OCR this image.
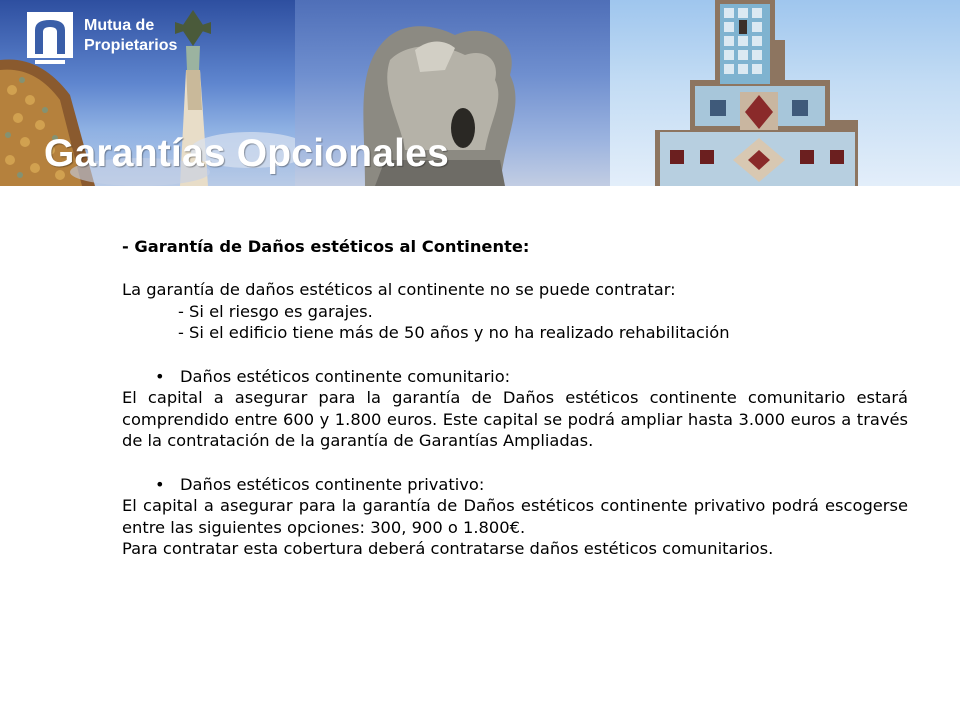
Mutua de
Propietarios
Garantías Opcionales

- Garantía de Daños estéticos al Continente:

La garantía de daños estéticos al continente no se puede contratar:

- Si el riesgo es garajes.

- Si el edificio tiene más de 50 años y no ha realizado rehabilitación

• Daños estéticos continente comunitario:

El capital a asegurar para la garantía de Daños estéticos continente comunitario estará comprendido entre 600 y 1.800 euros. Este capital se podrá ampliar hasta 3.000 euros a través de la contratación de la garantía de Garantías Ampliadas.

• Daños estéticos continente privativo:

El capital a asegurar para la garantía de Daños estéticos continente privativo podrá escogerse entre las siguientes opciones: 300, 900 o 1.800€.

Para contratar esta cobertura deberá contratarse daños estéticos comunitarios.
